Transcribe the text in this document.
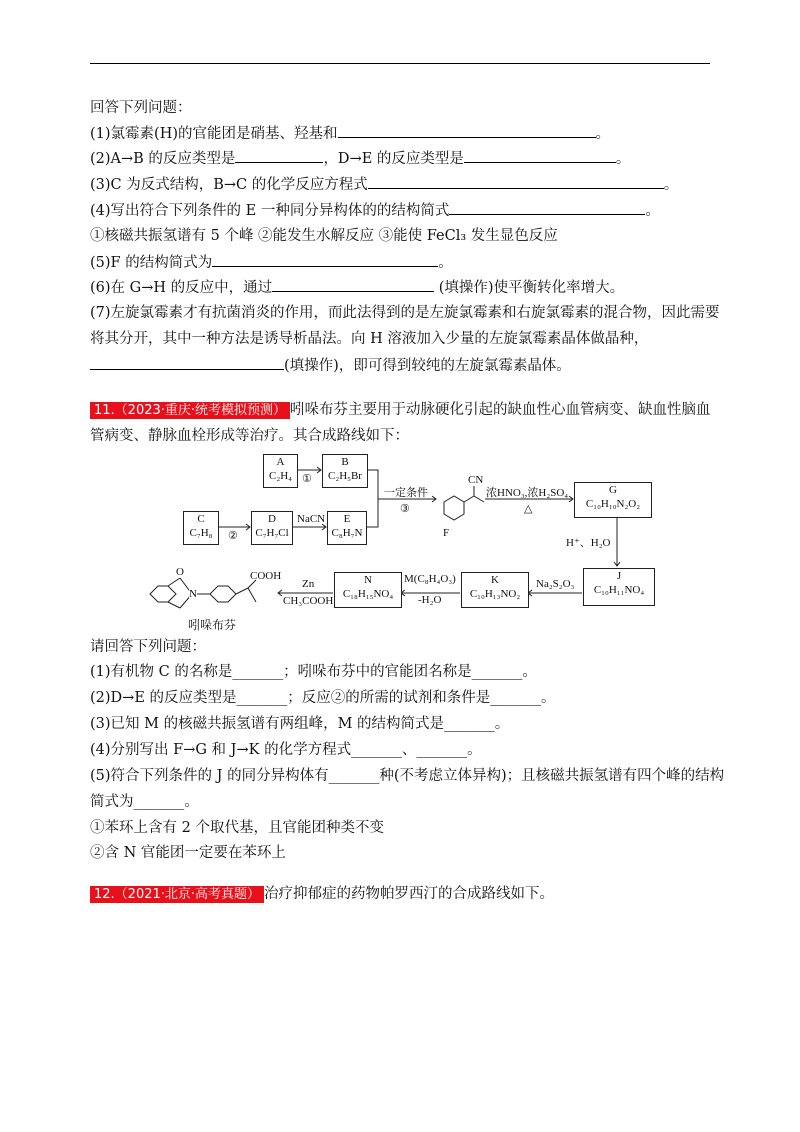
回答下列问题：
(1)氯霉素(H)的官能团是硝基、羟基和	。
(2)A→B 的反应类型是	，D→E 的反应类型是	。
(3)C 为反式结构，B→C 的化学反应方程式	。
(4)写出符合下列条件的 E 一种同分异构体的的结构简式	。
①核磁共振氢谱有 5 个峰 ②能发生水解反应 ③能使 FeCl₃ 发生显色反应
(5)F 的结构简式为	。
(6)在 G→H 的反应中，通过	(填操作)使平衡转化率增大。
(7)左旋氯霉素才有抗菌消炎的作用，而此法得到的是左旋氯霉素和右旋氯霉素的混合物，因此需要
将其分开，其中一种方法是诱导析晶法。向 H 溶液加入少量的左旋氯霉素晶体做晶种，
(填操作)，即可得到较纯的左旋氯霉素晶体。
11.（2023·重庆·统考模拟预测） 吲哚布芬主要用于动脉硬化引起的缺血性心血管病变、缺血性脑血
管病变、静脉血栓形成等治疗。其合成路线如下：
A
C₂H₄
B
C₂H₅Br
C
C₇H₈
D
C₇H₇Cl
E
C₈H₇N
G
C₁₀H₁₀N₂O₂
J
C₁₀H₁₁NO₄
K
C₁₀H₁₃NO₂
N
C₁₈H₁₅NO₄
①
②
NaCN
一定条件
③
CN
F
浓HNO₃,浓H₂SO₄
△
H⁺、H₂O
Na₂S₂O₃
M(C₈H₄O₃)
-H₂O
Zn
CH₃COOH
O
N
COOH
吲哚布芬
请回答下列问题：
(1)有机物 C 的名称是_______；吲哚布芬中的官能团名称是_______。
(2)D→E 的反应类型是_______；反应②的所需的试剂和条件是_______。
(3)已知 M 的核磁共振氢谱有两组峰，M 的结构简式是_______。
(4)分别写出 F→G 和 J→K 的化学方程式_______、_______。
(5)符合下列条件的 J 的同分异构体有_______种(不考虑立体异构)；且核磁共振氢谱有四个峰的结构
简式为_______。
①苯环上含有 2 个取代基，且官能团种类不变
②含 N 官能团一定要在苯环上
12.（2021·北京·高考真题） 治疗抑郁症的药物帕罗西汀的合成路线如下。
